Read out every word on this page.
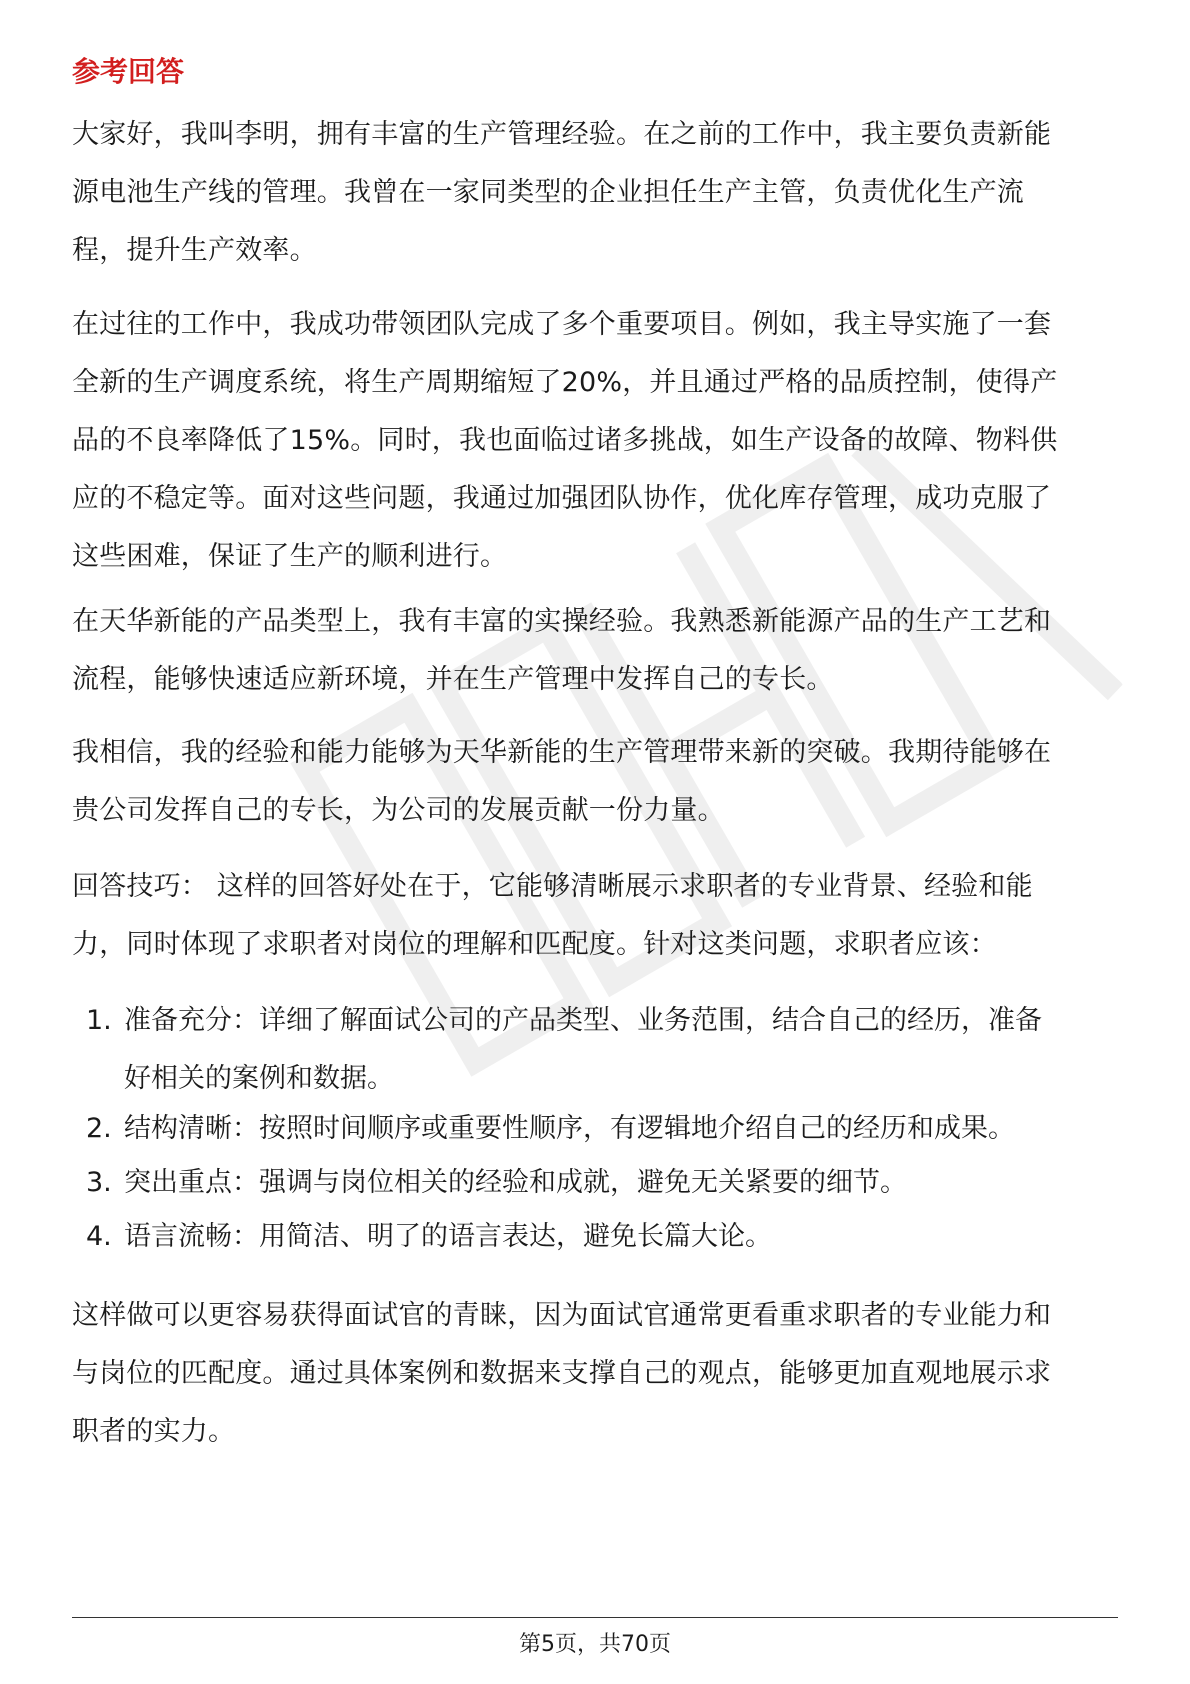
参考回答
大家好，我叫李明，拥有丰富的生产管理经验。在之前的工作中，我主要负责新能
源电池生产线的管理。我曾在一家同类型的企业担任生产主管，负责优化生产流
程，提升生产效率。
在过往的工作中，我成功带领团队完成了多个重要项目。例如，我主导实施了一套
全新的生产调度系统，将生产周期缩短了20%，并且通过严格的品质控制，使得产
品的不良率降低了15%。同时，我也面临过诸多挑战，如生产设备的故障、物料供
应的不稳定等。面对这些问题，我通过加强团队协作，优化库存管理，成功克服了
这些困难，保证了生产的顺利进行。
在天华新能的产品类型上，我有丰富的实操经验。我熟悉新能源产品的生产工艺和
流程，能够快速适应新环境，并在生产管理中发挥自己的专长。
我相信，我的经验和能力能够为天华新能的生产管理带来新的突破。我期待能够在
贵公司发挥自己的专长，为公司的发展贡献一份力量。
回答技巧： 这样的回答好处在于，它能够清晰展示求职者的专业背景、经验和能
力，同时体现了求职者对岗位的理解和匹配度。针对这类问题，求职者应该：
1. 准备充分：详细了解面试公司的产品类型、业务范围，结合自己的经历，准备
好相关的案例和数据。
2. 结构清晰：按照时间顺序或重要性顺序，有逻辑地介绍自己的经历和成果。
3. 突出重点：强调与岗位相关的经验和成就，避免无关紧要的细节。
4. 语言流畅：用简洁、明了的语言表达，避免长篇大论。
这样做可以更容易获得面试官的青睐，因为面试官通常更看重求职者的专业能力和
与岗位的匹配度。通过具体案例和数据来支撑自己的观点，能够更加直观地展示求
职者的实力。
第5页，共70页
